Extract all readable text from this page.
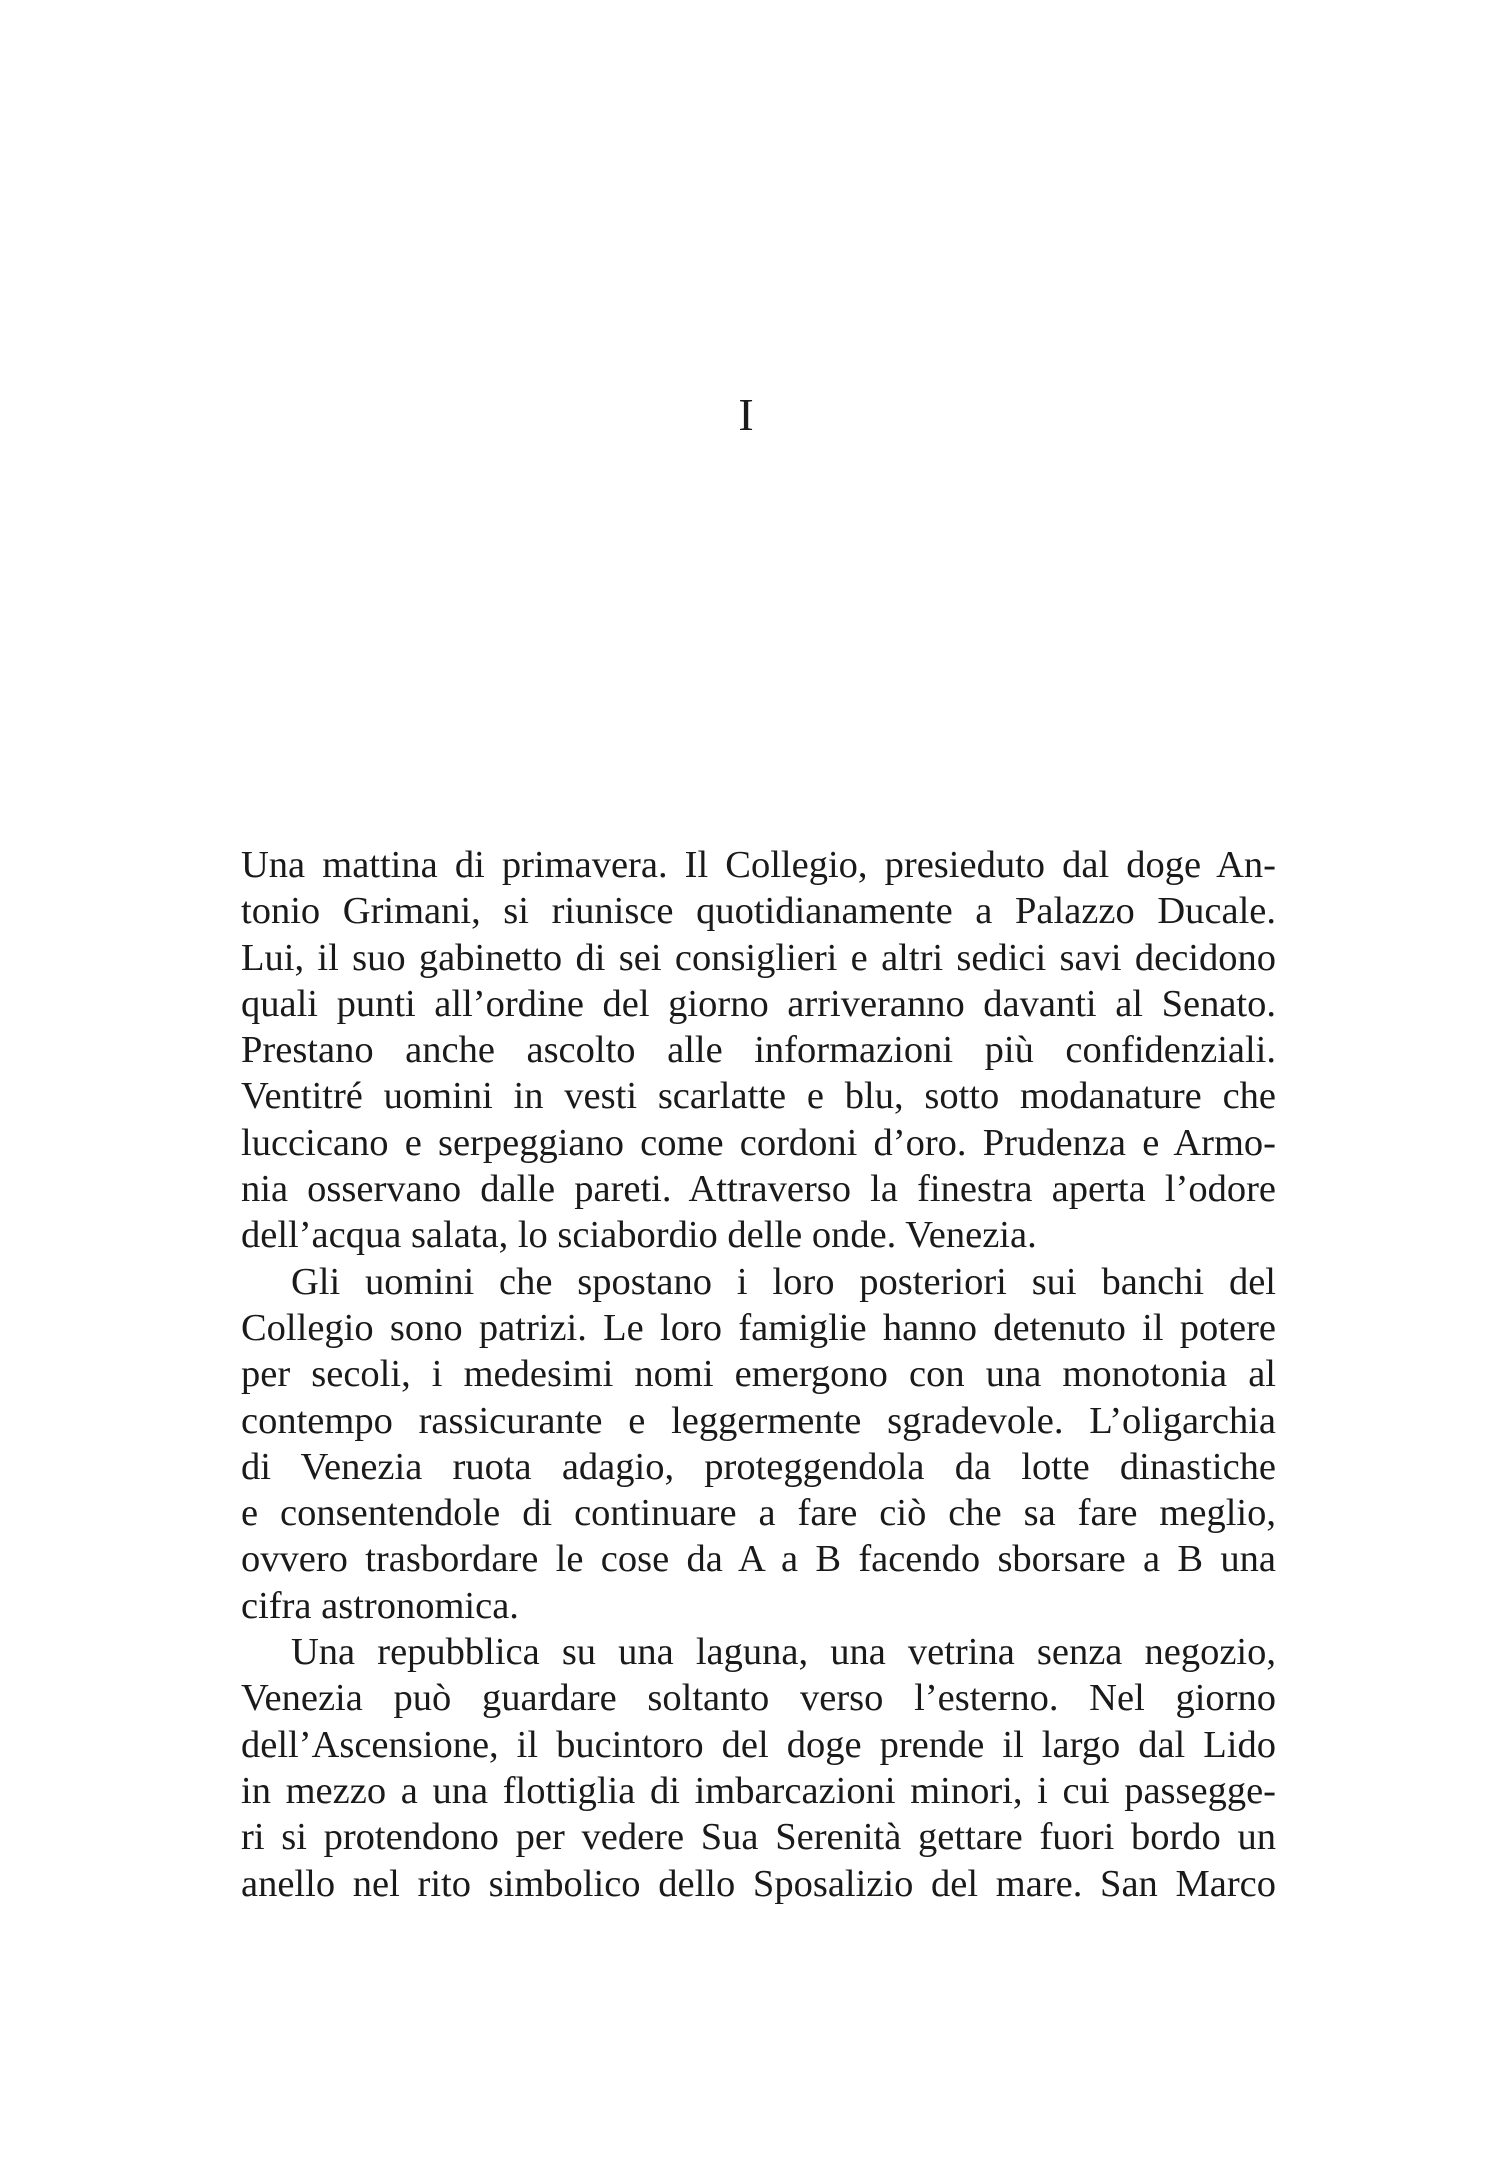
I
Una mattina di primavera. Il Collegio, presieduto dal doge An-
tonio Grimani, si riunisce quotidianamente a Palazzo Ducale.
Lui, il suo gabinetto di sei consiglieri e altri sedici savi decidono
quali punti all’ordine del giorno arriveranno davanti al Senato.
Prestano anche ascolto alle informazioni più confidenziali.
Ventitré uomini in vesti scarlatte e blu, sotto modanature che
luccicano e serpeggiano come cordoni d’oro. Prudenza e Armo-
nia osservano dalle pareti. Attraverso la finestra aperta l’odore
dell’acqua salata, lo sciabordio delle onde. Venezia.
Gli uomini che spostano i loro posteriori sui banchi del
Collegio sono patrizi. Le loro famiglie hanno detenuto il potere
per secoli, i medesimi nomi emergono con una monotonia al
contempo rassicurante e leggermente sgradevole. L’oligarchia
di Venezia ruota adagio, proteggendola da lotte dinastiche
e consentendole di continuare a fare ciò che sa fare meglio,
ovvero trasbordare le cose da A a B facendo sborsare a B una
cifra astronomica.
Una repubblica su una laguna, una vetrina senza negozio,
Venezia può guardare soltanto verso l’esterno. Nel giorno
dell’Ascensione, il bucintoro del doge prende il largo dal Lido
in mezzo a una flottiglia di imbarcazioni minori, i cui passegge-
ri si protendono per vedere Sua Serenità gettare fuori bordo un
anello nel rito simbolico dello Sposalizio del mare. San Marco
